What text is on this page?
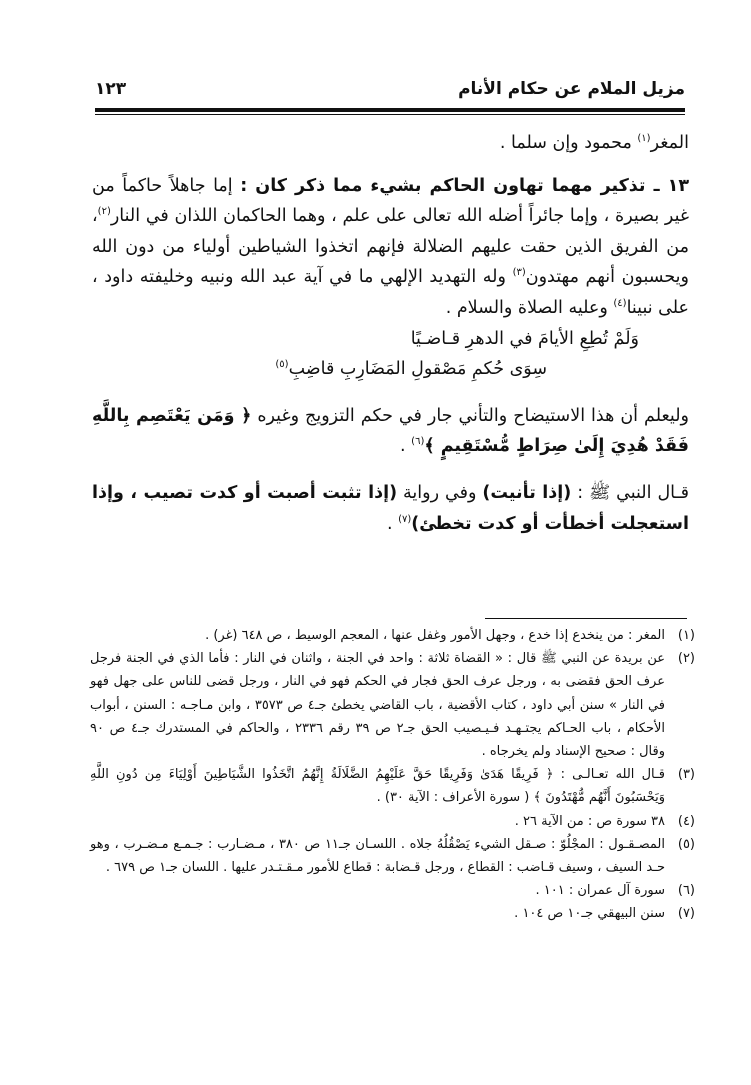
مزيل الملام عن حكام الأنام
١٢٣

المغر$^{(١)}$ محمود وإن سلما .

١٣ ـ تذكير مهما تهاون الحاكم بشيء مما ذكر كان : إما جاهلاً حاكماً من غير بصيرة ، وإما جائراً أضله الله تعالى على علم ، وهما الحاكمان اللذان في النار$^{(٢)}$، من الفريق الذين حقت عليهم الضلالة فإنهم اتخذوا الشياطين أولياء من دون الله ويحسبون أنهم مهتدون$^{(٣)}$ وله التهديد الإلهي ما في آية عبد الله ونبيه وخليفته داود ، على نبينا$^{(٤)}$ وعليه الصلاة والسلام .

وَلَمْ تُطِعِ الأيامَ في الدهرِ قـاضـيًا

سِوَى حُكمِ مَصْقولِ المَضَارِبِ قاضِبِ$^{(٥)}$

وليعلم أن هذا الاستيضاح والتأني جار في حكم التزويج وغيره ﴿ وَمَن يَعْتَصِم بِاللَّهِ فَقَدْ هُدِيَ إِلَىٰ صِرَاطٍ مُّسْتَقِيمٍ ﴾$^{(٦)}$ .

قـال النبي ﷺ : (إذا تأنيت) وفي رواية (إذا تثبت أصبت أو كدت تصيب ، وإذا استعجلت أخطأت أو كدت تخطئ)$^{(٧)}$ .

(١)
المغر : من ينخدع إذا خدع ، وجهل الأمور وغفل عنها ، المعجم الوسيط ، ص ٦٤٨ (غر) .
(٢)
عن بريدة عن النبي ﷺ قال : « القضاة ثلاثة : واحد في الجنة ، واثنان في النار : فأما الذي في الجنة فرجل عرف الحق فقضى به ، ورجل عرف الحق فجار في الحكم فهو في النار ، ورجل قضى للناس على جهل فهو في النار » سنن أبي داود ، كتاب الأقضية ، باب القاضي يخطئ جـ٤ ص ٣٥٧٣ ، وابن مـاجـه : السنن ، أبواب الأحكام ، باب الحـاكم يجتـهـد فـيـصيب الحق جـ٢ ص ٣٩ رقم ٢٣٣٦ ، والحاكم في المستدرك جـ٤ ص ٩٠ وقال : صحيح الإسناد ولم يخرجاه .
(٣)
قـال الله تعـالـى : ﴿ فَرِيقًا هَدَىٰ وَفَرِيقًا حَقَّ عَلَيْهِمُ الضَّلَالَةُ إِنَّهُمُ اتَّخَذُوا الشَّيَاطِينَ أَوْلِيَاءَ مِن دُونِ اللَّهِ وَيَحْسَبُونَ أَنَّهُم مُّهْتَدُونَ ﴾ ( سورة الأعراف : الآية ٣٠) .
(٤)
٣٨ سورة ص : من الآية ٢٦ .
(٥)
المصـقـول : المجْلُوّ : صـقل الشيء يَصْقُلُهُ جلاه . اللسـان جـ١١ ص ٣٨٠ ، مـضـارب : جـمـع مـضـرب ، وهو حـد السيف ، وسيف قـاضب : القطاع ، ورجل قـضابة : قطاع للأمور مـقـتـدر عليها . اللسان جـ١ ص ٦٧٩ .
(٦)
سورة آل عمران : ١٠١ .
(٧)
سنن البيهقي جـ١٠ ص ١٠٤ .
